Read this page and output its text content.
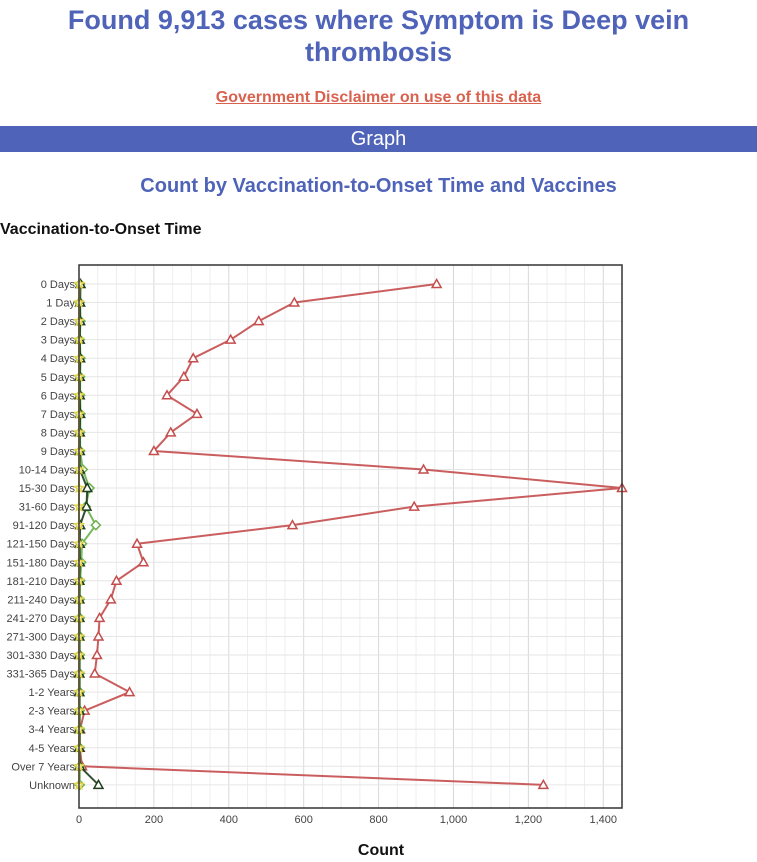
Found 9,913 cases where Symptom is Deep vein thrombosis
Government Disclaimer on use of this data
Graph
Count by Vaccination-to-Onset Time and Vaccines
Vaccination-to-Onset Time
Count
0	200	400	600	800	1,000	1,200	1,400
0 Days
1 Day
2 Days
3 Days
4 Days
5 Days
6 Days
7 Days
8 Days
9 Days
10-14 Days
15-30 Days
31-60 Days
91-120 Days
121-150 Days
151-180 Days
181-210 Days
211-240 Days
241-270 Days
271-300 Days
301-330 Days
331-365 Days
1-2 Years
2-3 Years
3-4 Years
4-5 Years
Over 7 Years
Unknown
